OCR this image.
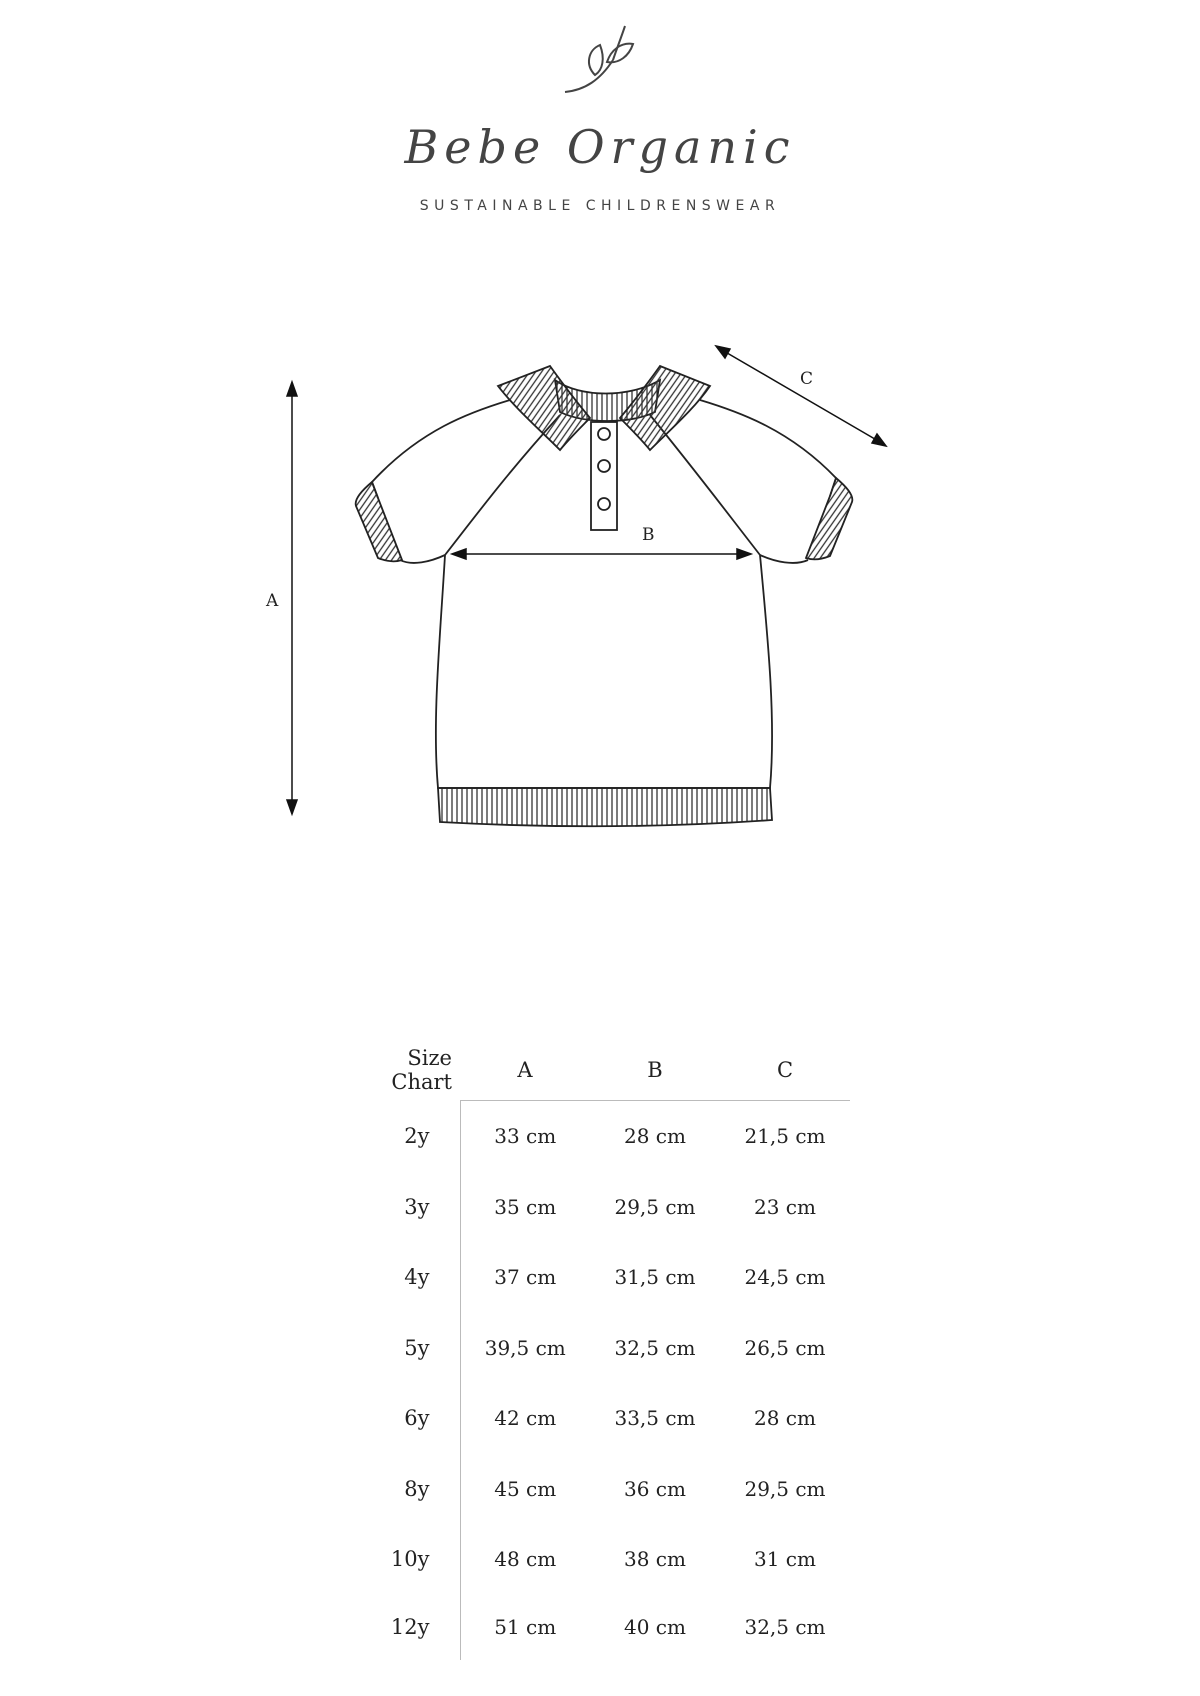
Bebe Organic
SUSTAINABLE CHILDRENSWEAR
A
B
C
Size
Chart	A	B	C
2y	33 cm	28 cm	21,5 cm
3y	35 cm	29,5 cm	23 cm
4y	37 cm	31,5 cm	24,5 cm
5y	39,5 cm	32,5 cm	26,5 cm
6y	42 cm	33,5 cm	28 cm
8y	45 cm	36 cm	29,5 cm
10y	48 cm	38 cm	31 cm
12y	51 cm	40 cm	32,5 cm
